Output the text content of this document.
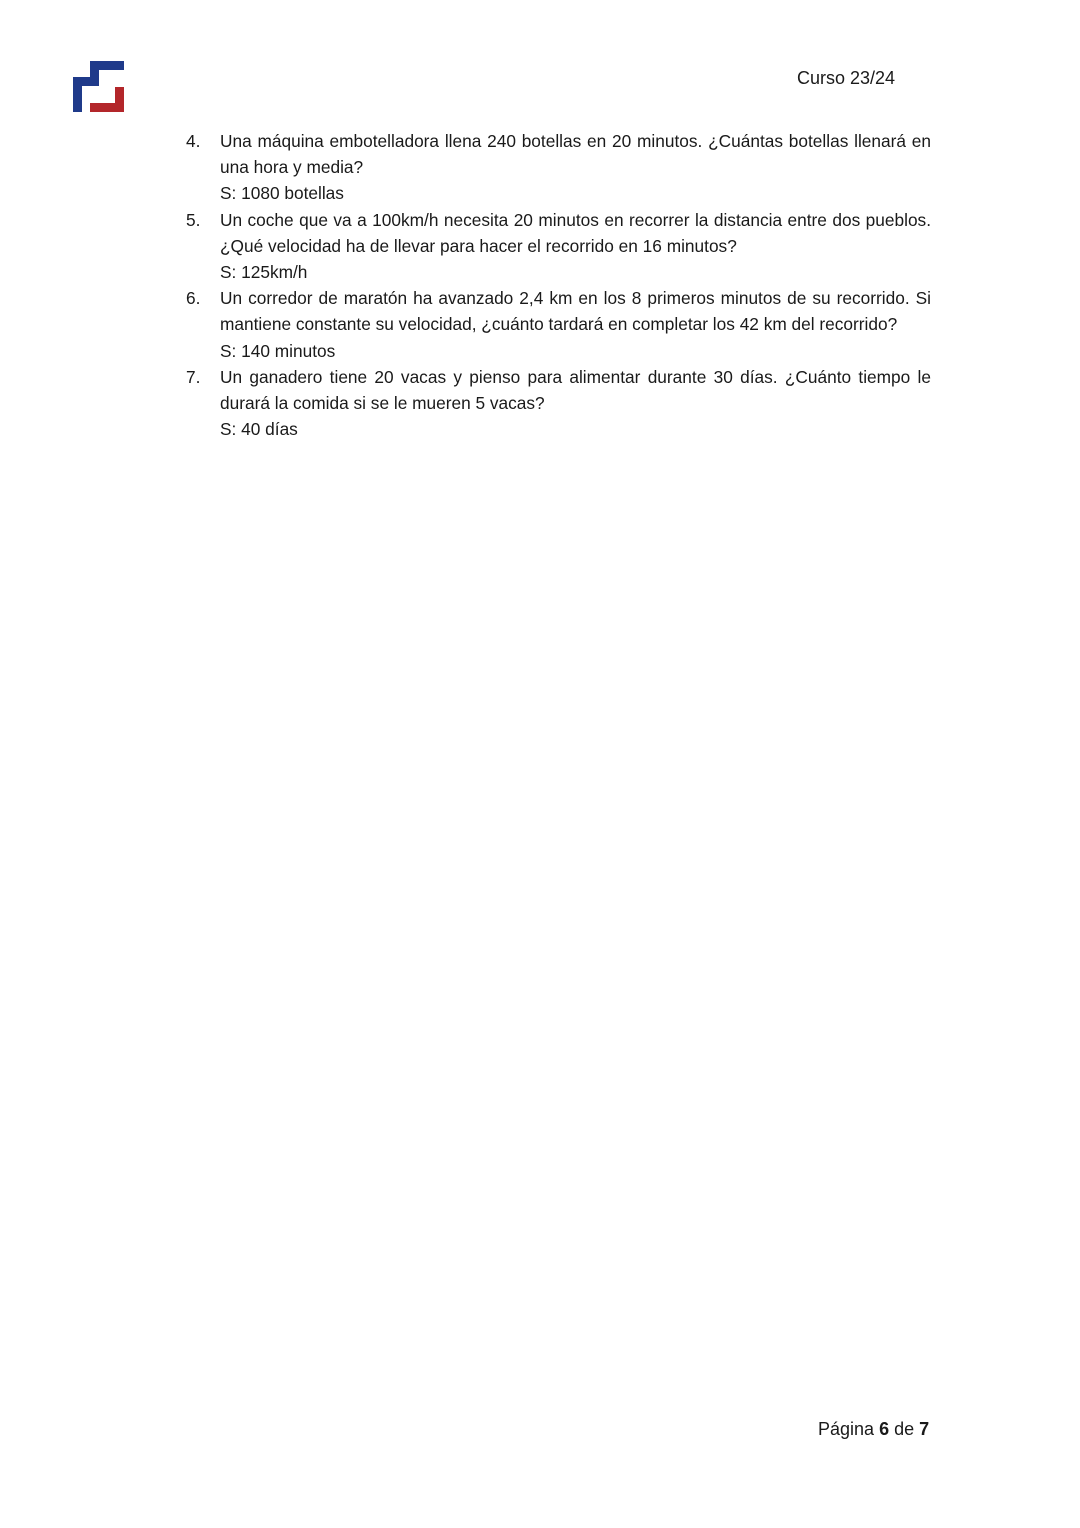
Curso 23/24
4. Una máquina embotelladora llena 240 botellas en 20 minutos. ¿Cuántas botellas llenará en una hora y media?
S: 1080 botellas
5. Un coche que va a 100km/h necesita 20 minutos en recorrer la distancia entre dos pueblos. ¿Qué velocidad ha de llevar para hacer el recorrido en 16 minutos?
S: 125km/h
6. Un corredor de maratón ha avanzado 2,4 km en los 8 primeros minutos de su recorrido. Si mantiene constante su velocidad, ¿cuánto tardará en completar los 42 km del recorrido?
S: 140 minutos
7. Un ganadero tiene 20 vacas y pienso para alimentar durante 30 días. ¿Cuánto tiempo le durará la comida si se le mueren 5 vacas?
S: 40 días
Página 6 de 7
